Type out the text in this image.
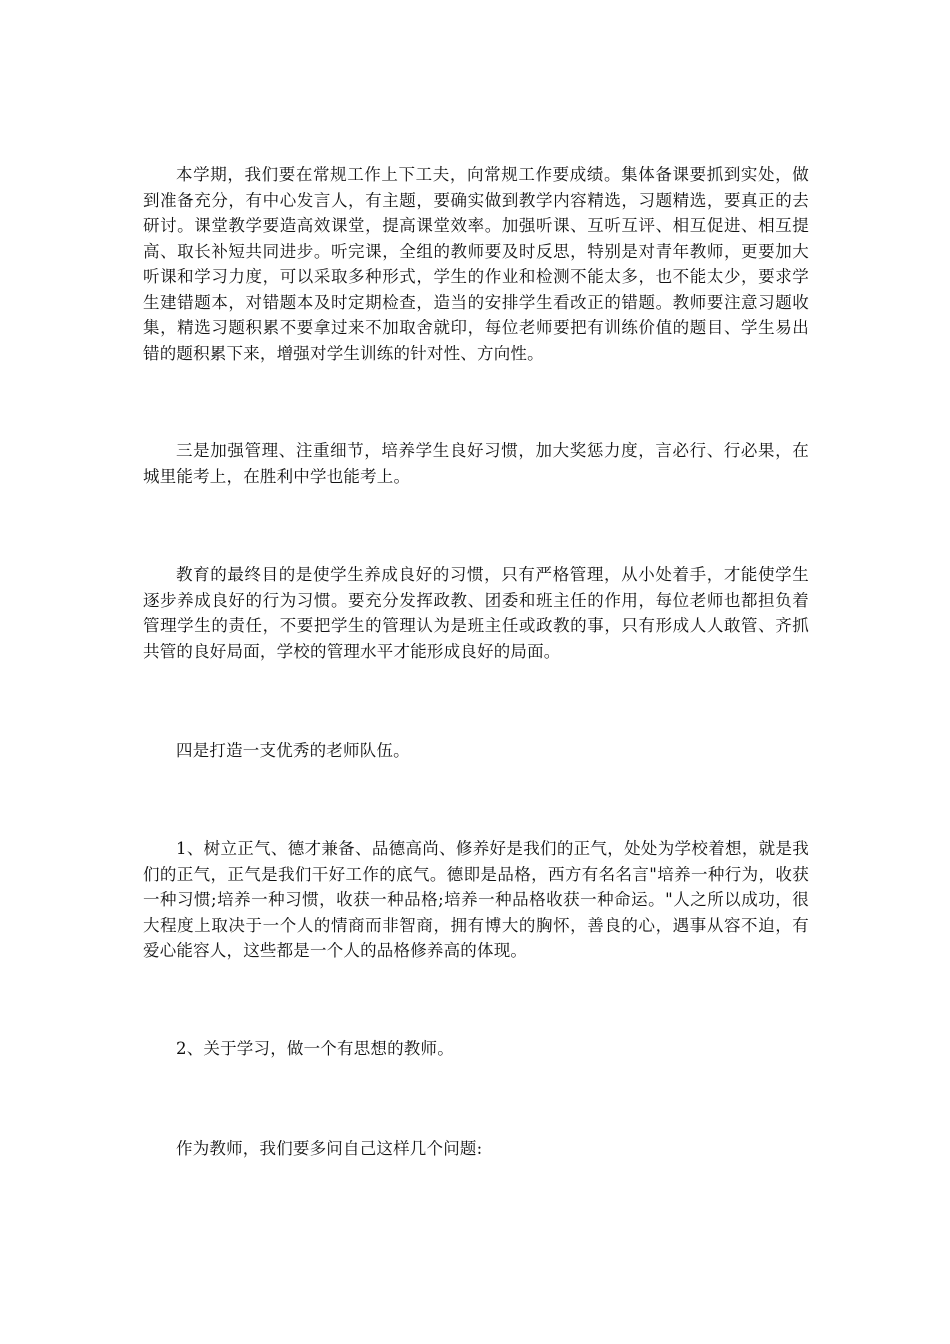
本学期，我们要在常规工作上下工夫，向常规工作要成绩。集体备课要抓到实处，做到准备充分，有中心发言人，有主题，要确实做到教学内容精选，习题精选，要真正的去研讨。课堂教学要造高效课堂，提高课堂效率。加强听课、互听互评、相互促进、相互提高、取长补短共同进步。听完课，全组的教师要及时反思，特别是对青年教师，更要加大听课和学习力度，可以采取多种形式，学生的作业和检测不能太多，也不能太少，要求学生建错题本，对错题本及时定期检查，造当的安排学生看改正的错题。教师要注意习题收集，精选习题积累不要拿过来不加取舍就印，每位老师要把有训练价值的题目、学生易出错的题积累下来，增强对学生训练的针对性、方向性。

三是加强管理、注重细节，培养学生良好习惯，加大奖惩力度，言必行、行必果，在城里能考上，在胜利中学也能考上。

教育的最终目的是使学生养成良好的习惯，只有严格管理，从小处着手，才能使学生逐步养成良好的行为习惯。要充分发挥政教、团委和班主任的作用，每位老师也都担负着管理学生的责任，不要把学生的管理认为是班主任或政教的事，只有形成人人敢管、齐抓共管的良好局面，学校的管理水平才能形成良好的局面。

四是打造一支优秀的老师队伍。

1、树立正气、德才兼备、品德高尚、修养好是我们的正气，处处为学校着想，就是我们的正气，正气是我们干好工作的底气。德即是品格，西方有名名言"培养一种行为，收获一种习惯;培养一种习惯，收获一种品格;培养一种品格收获一种命运。"人之所以成功，很大程度上取决于一个人的情商而非智商，拥有博大的胸怀，善良的心，遇事从容不迫，有爱心能容人，这些都是一个人的品格修养高的体现。

2、关于学习，做一个有思想的教师。

作为教师，我们要多问自己这样几个问题:
